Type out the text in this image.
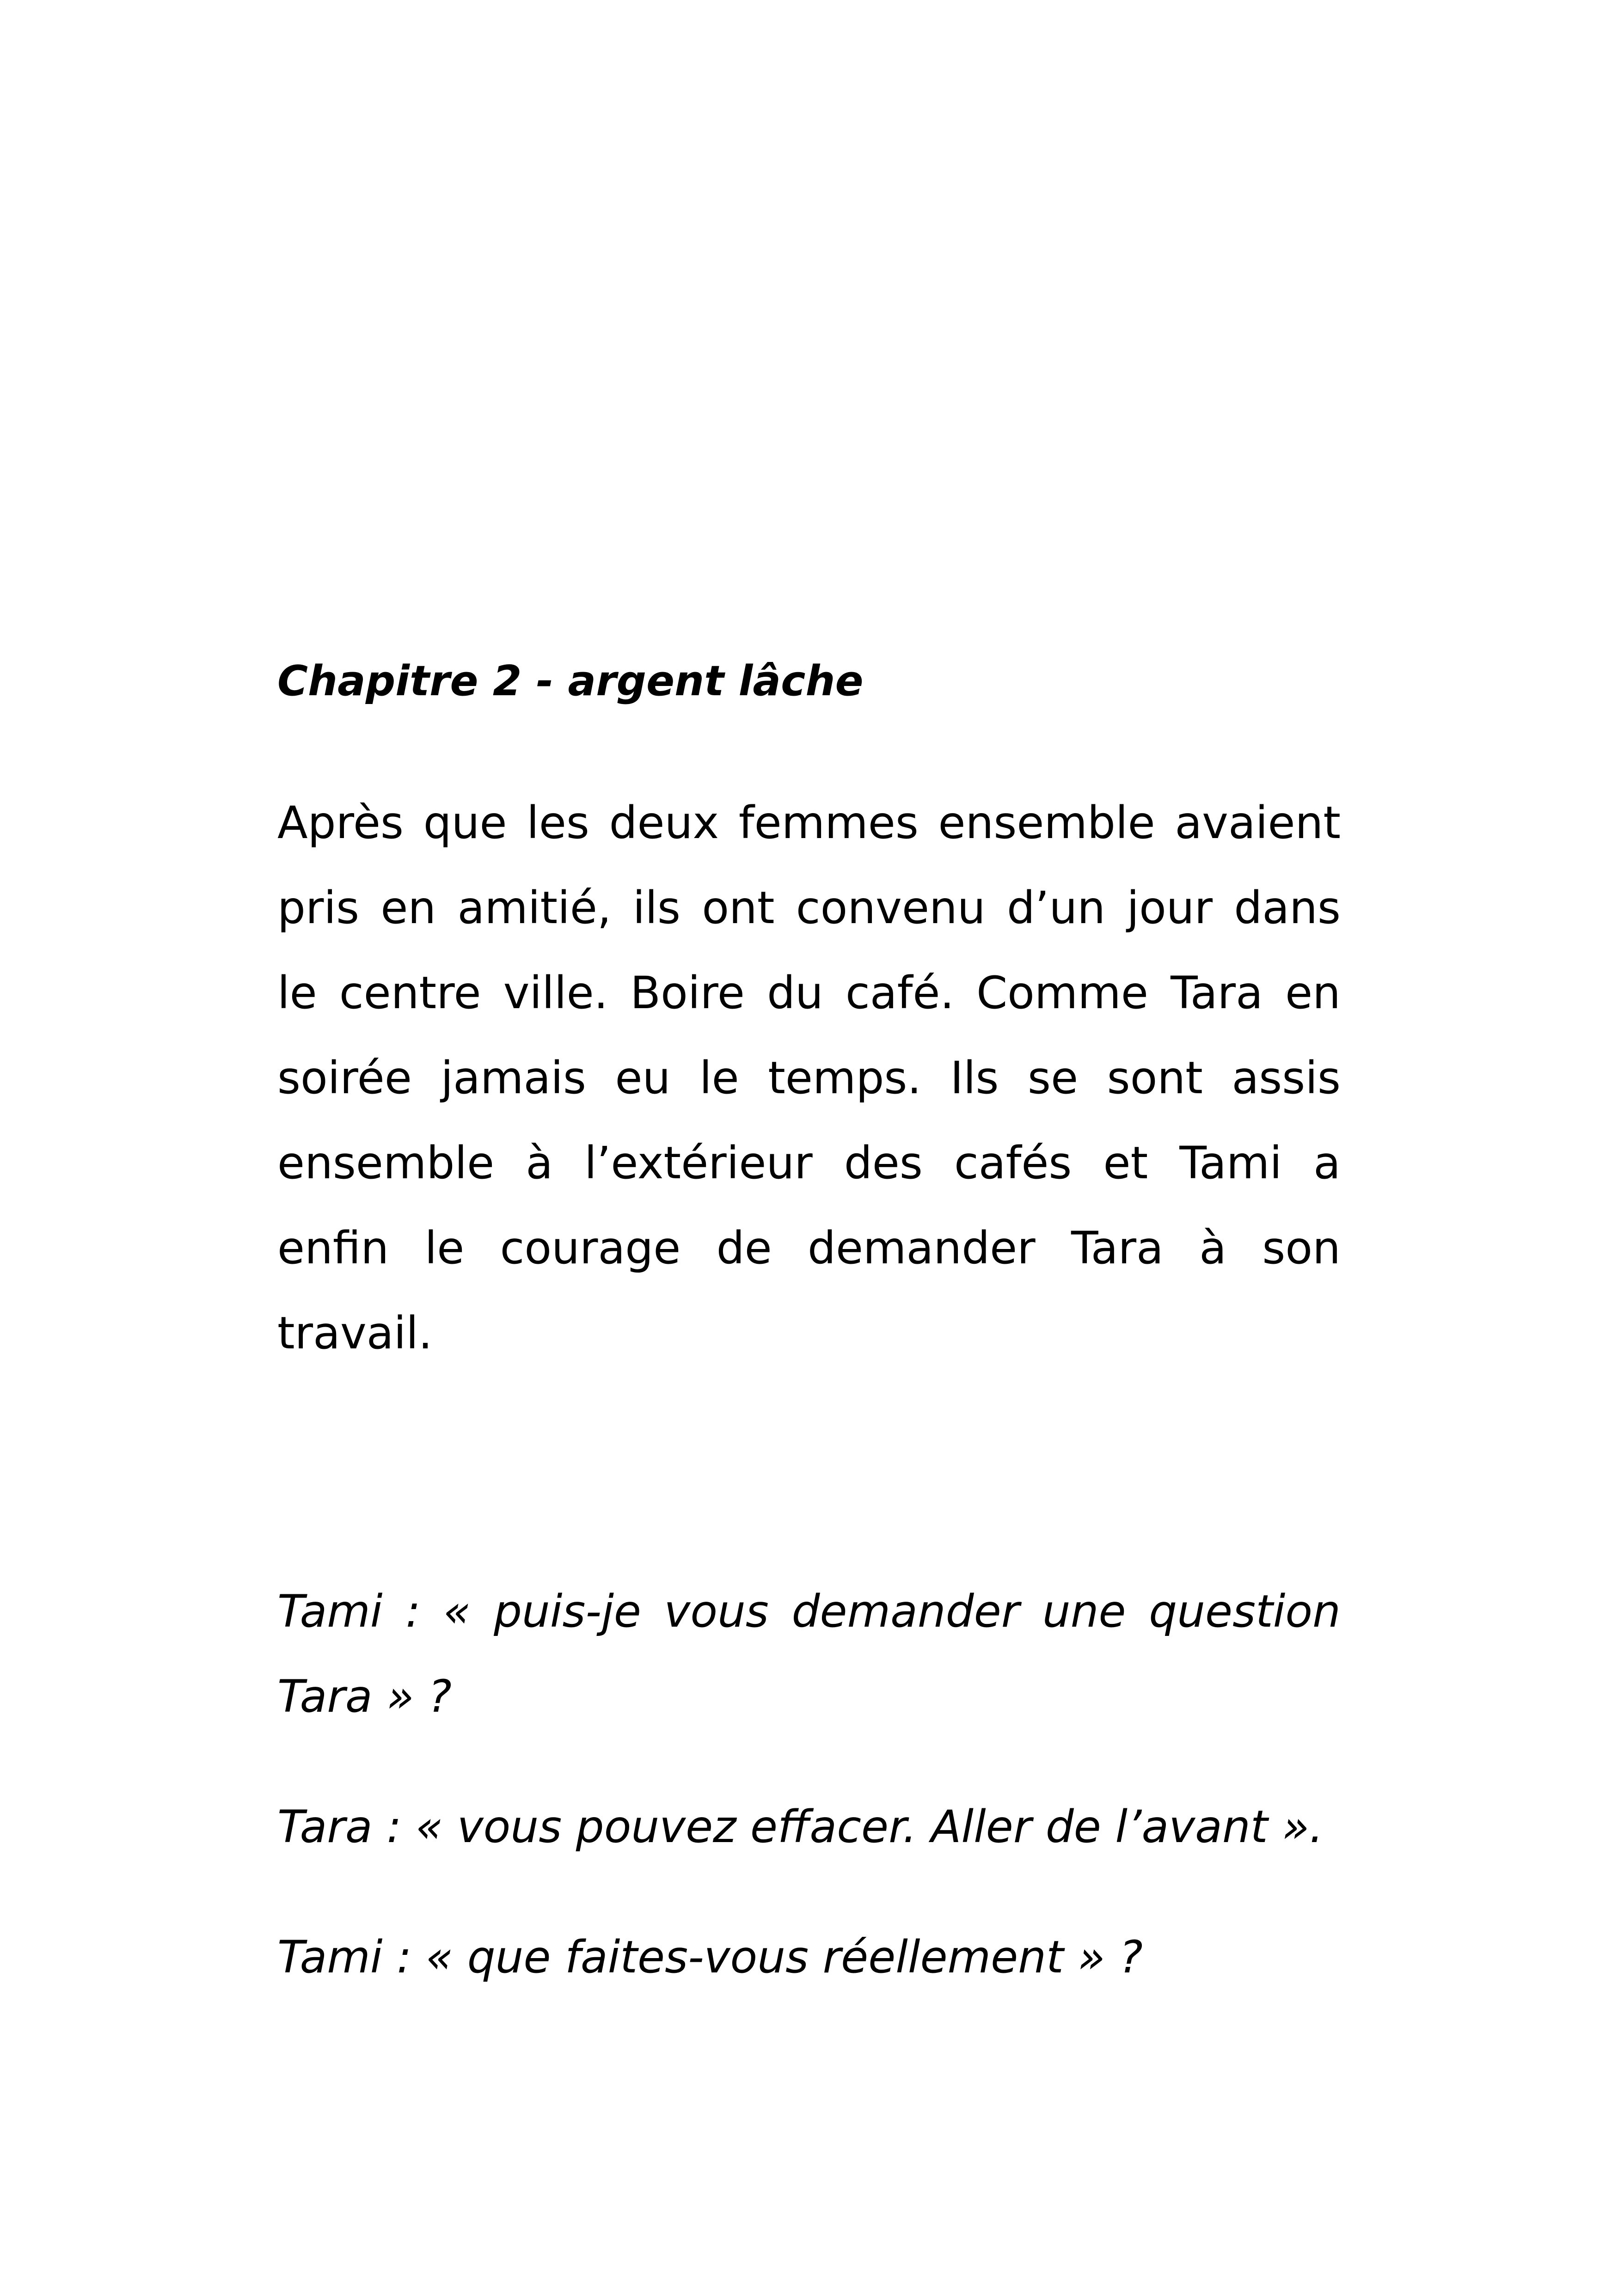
Chapitre 2 - argent lâche

Après que les deux femmes ensemble avaient pris en amitié, ils ont convenu d’un jour dans le centre ville. Boire du café. Comme Tara en soirée jamais eu le temps. Ils se sont assis ensemble à l’extérieur des cafés et Tami a enfin le courage de demander Tara à son travail.

Tami : « puis-je vous demander une question Tara » ?

Tara : « vous pouvez effacer. Aller de l’avant ».

Tami : « que faites-vous réellement » ?
